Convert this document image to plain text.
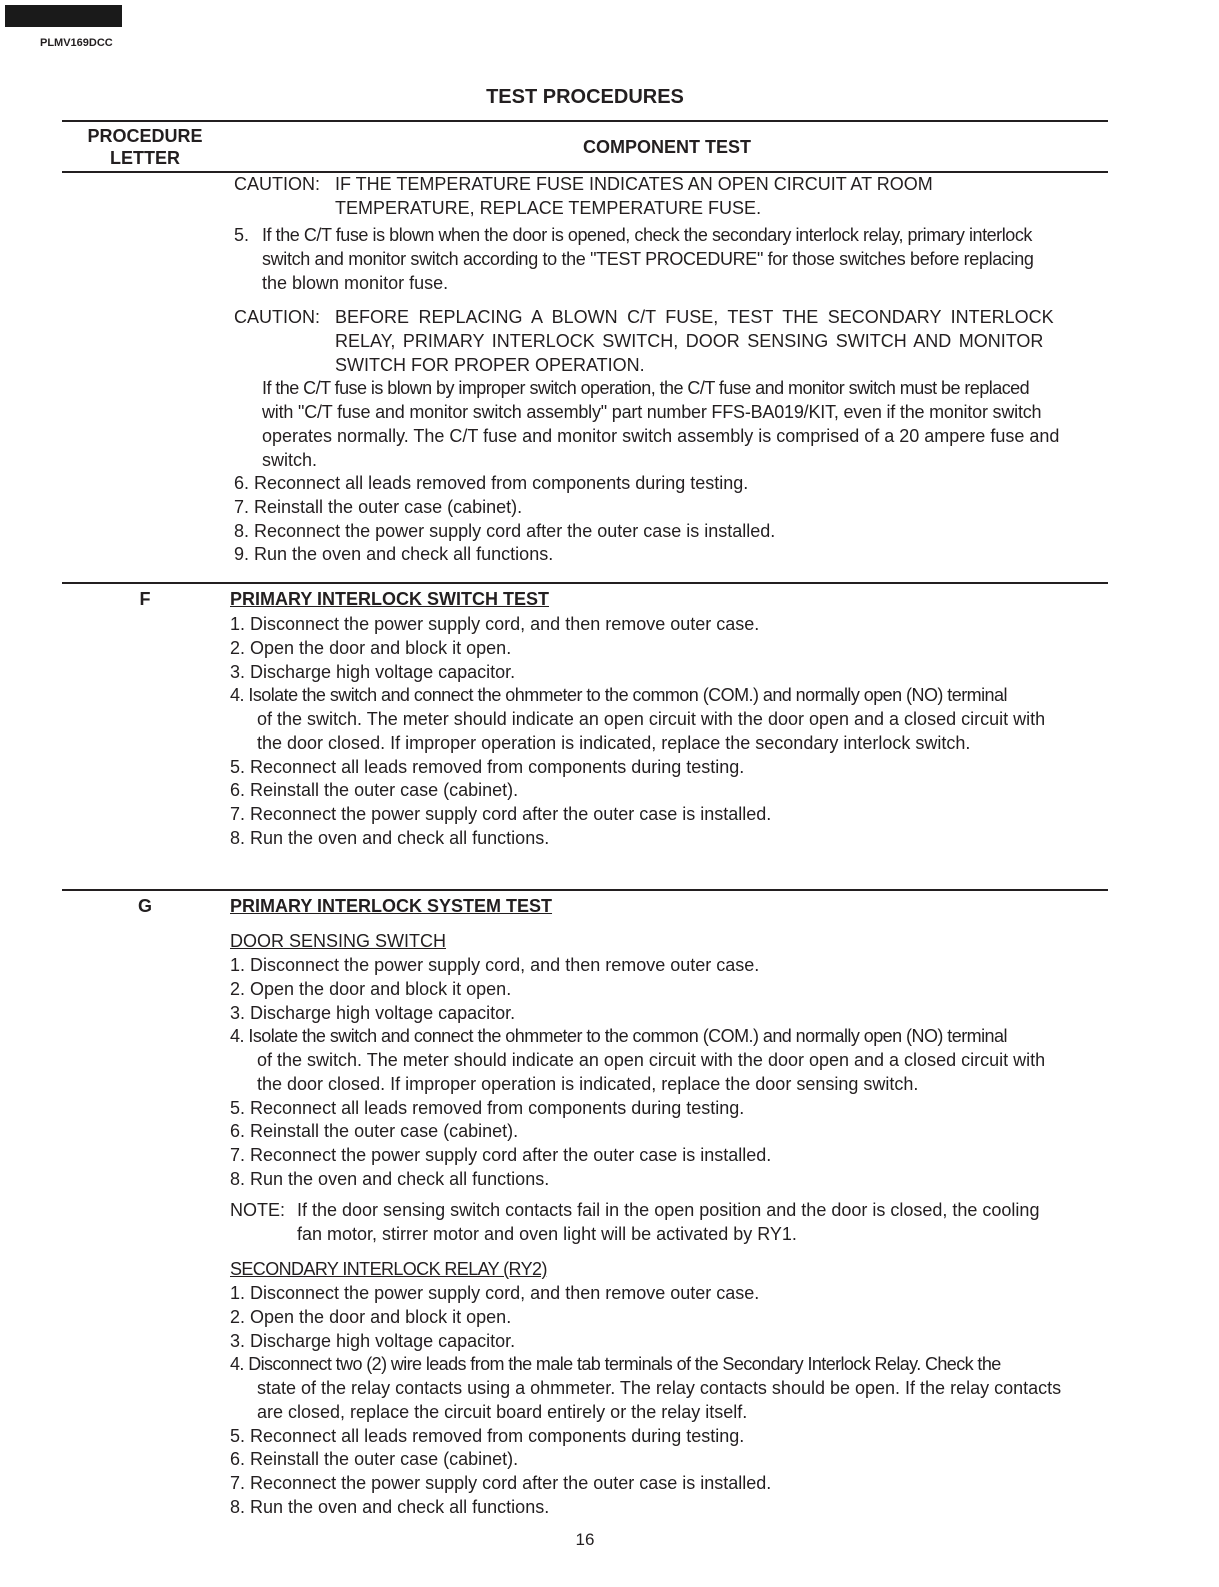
PLMV169DCC
TEST PROCEDURES
PROCEDURE
LETTER
COMPONENT TEST
CAUTION: IF THE TEMPERATURE FUSE INDICATES AN OPEN CIRCUIT AT ROOM
TEMPERATURE, REPLACE TEMPERATURE FUSE.
5. If the C/T fuse is blown when the door is opened, check the secondary interlock relay, primary interlock
switch and monitor switch according to the "TEST PROCEDURE" for those switches before replacing
the blown monitor fuse.
CAUTION: BEFORE REPLACING A BLOWN C/T FUSE, TEST THE SECONDARY INTERLOCK
RELAY, PRIMARY INTERLOCK SWITCH, DOOR SENSING SWITCH AND MONITOR
SWITCH FOR PROPER OPERATION.
If the C/T fuse is blown by improper switch operation, the C/T fuse and monitor switch must be replaced
with "C/T fuse and monitor switch assembly" part number FFS-BA019/KIT, even if the monitor switch
operates normally. The C/T fuse and monitor switch assembly is comprised of a 20 ampere fuse and
switch.
6. Reconnect all leads removed from components during testing.
7. Reinstall the outer case (cabinet).
8. Reconnect the power supply cord after the outer case is installed.
9. Run the oven and check all functions.
F	PRIMARY INTERLOCK SWITCH TEST
1. Disconnect the power supply cord, and then remove outer case.
2. Open the door and block it open.
3. Discharge high voltage capacitor.
4. Isolate the switch and connect the ohmmeter to the common (COM.) and normally open (NO) terminal
of the switch. The meter should indicate an open circuit with the door open and a closed circuit with
the door closed. If improper operation is indicated, replace the secondary interlock switch.
5. Reconnect all leads removed from components during testing.
6. Reinstall the outer case (cabinet).
7. Reconnect the power supply cord after the outer case is installed.
8. Run the oven and check all functions.
G	PRIMARY INTERLOCK SYSTEM TEST
DOOR SENSING SWITCH
1. Disconnect the power supply cord, and then remove outer case.
2. Open the door and block it open.
3. Discharge high voltage capacitor.
4. Isolate the switch and connect the ohmmeter to the common (COM.) and normally open (NO) terminal
of the switch. The meter should indicate an open circuit with the door open and a closed circuit with
the door closed. If improper operation is indicated, replace the door sensing switch.
5. Reconnect all leads removed from components during testing.
6. Reinstall the outer case (cabinet).
7. Reconnect the power supply cord after the outer case is installed.
8. Run the oven and check all functions.
NOTE: If the door sensing switch contacts fail in the open position and the door is closed, the cooling
fan motor, stirrer motor and oven light will be activated by RY1.
SECONDARY INTERLOCK RELAY (RY2)
1. Disconnect the power supply cord, and then remove outer case.
2. Open the door and block it open.
3. Discharge high voltage capacitor.
4. Disconnect two (2) wire leads from the male tab terminals of the Secondary Interlock Relay. Check the
state of the relay contacts using a ohmmeter. The relay contacts should be open. If the relay contacts
are closed, replace the circuit board entirely or the relay itself.
5. Reconnect all leads removed from components during testing.
6. Reinstall the outer case (cabinet).
7. Reconnect the power supply cord after the outer case is installed.
8. Run the oven and check all functions.
16
